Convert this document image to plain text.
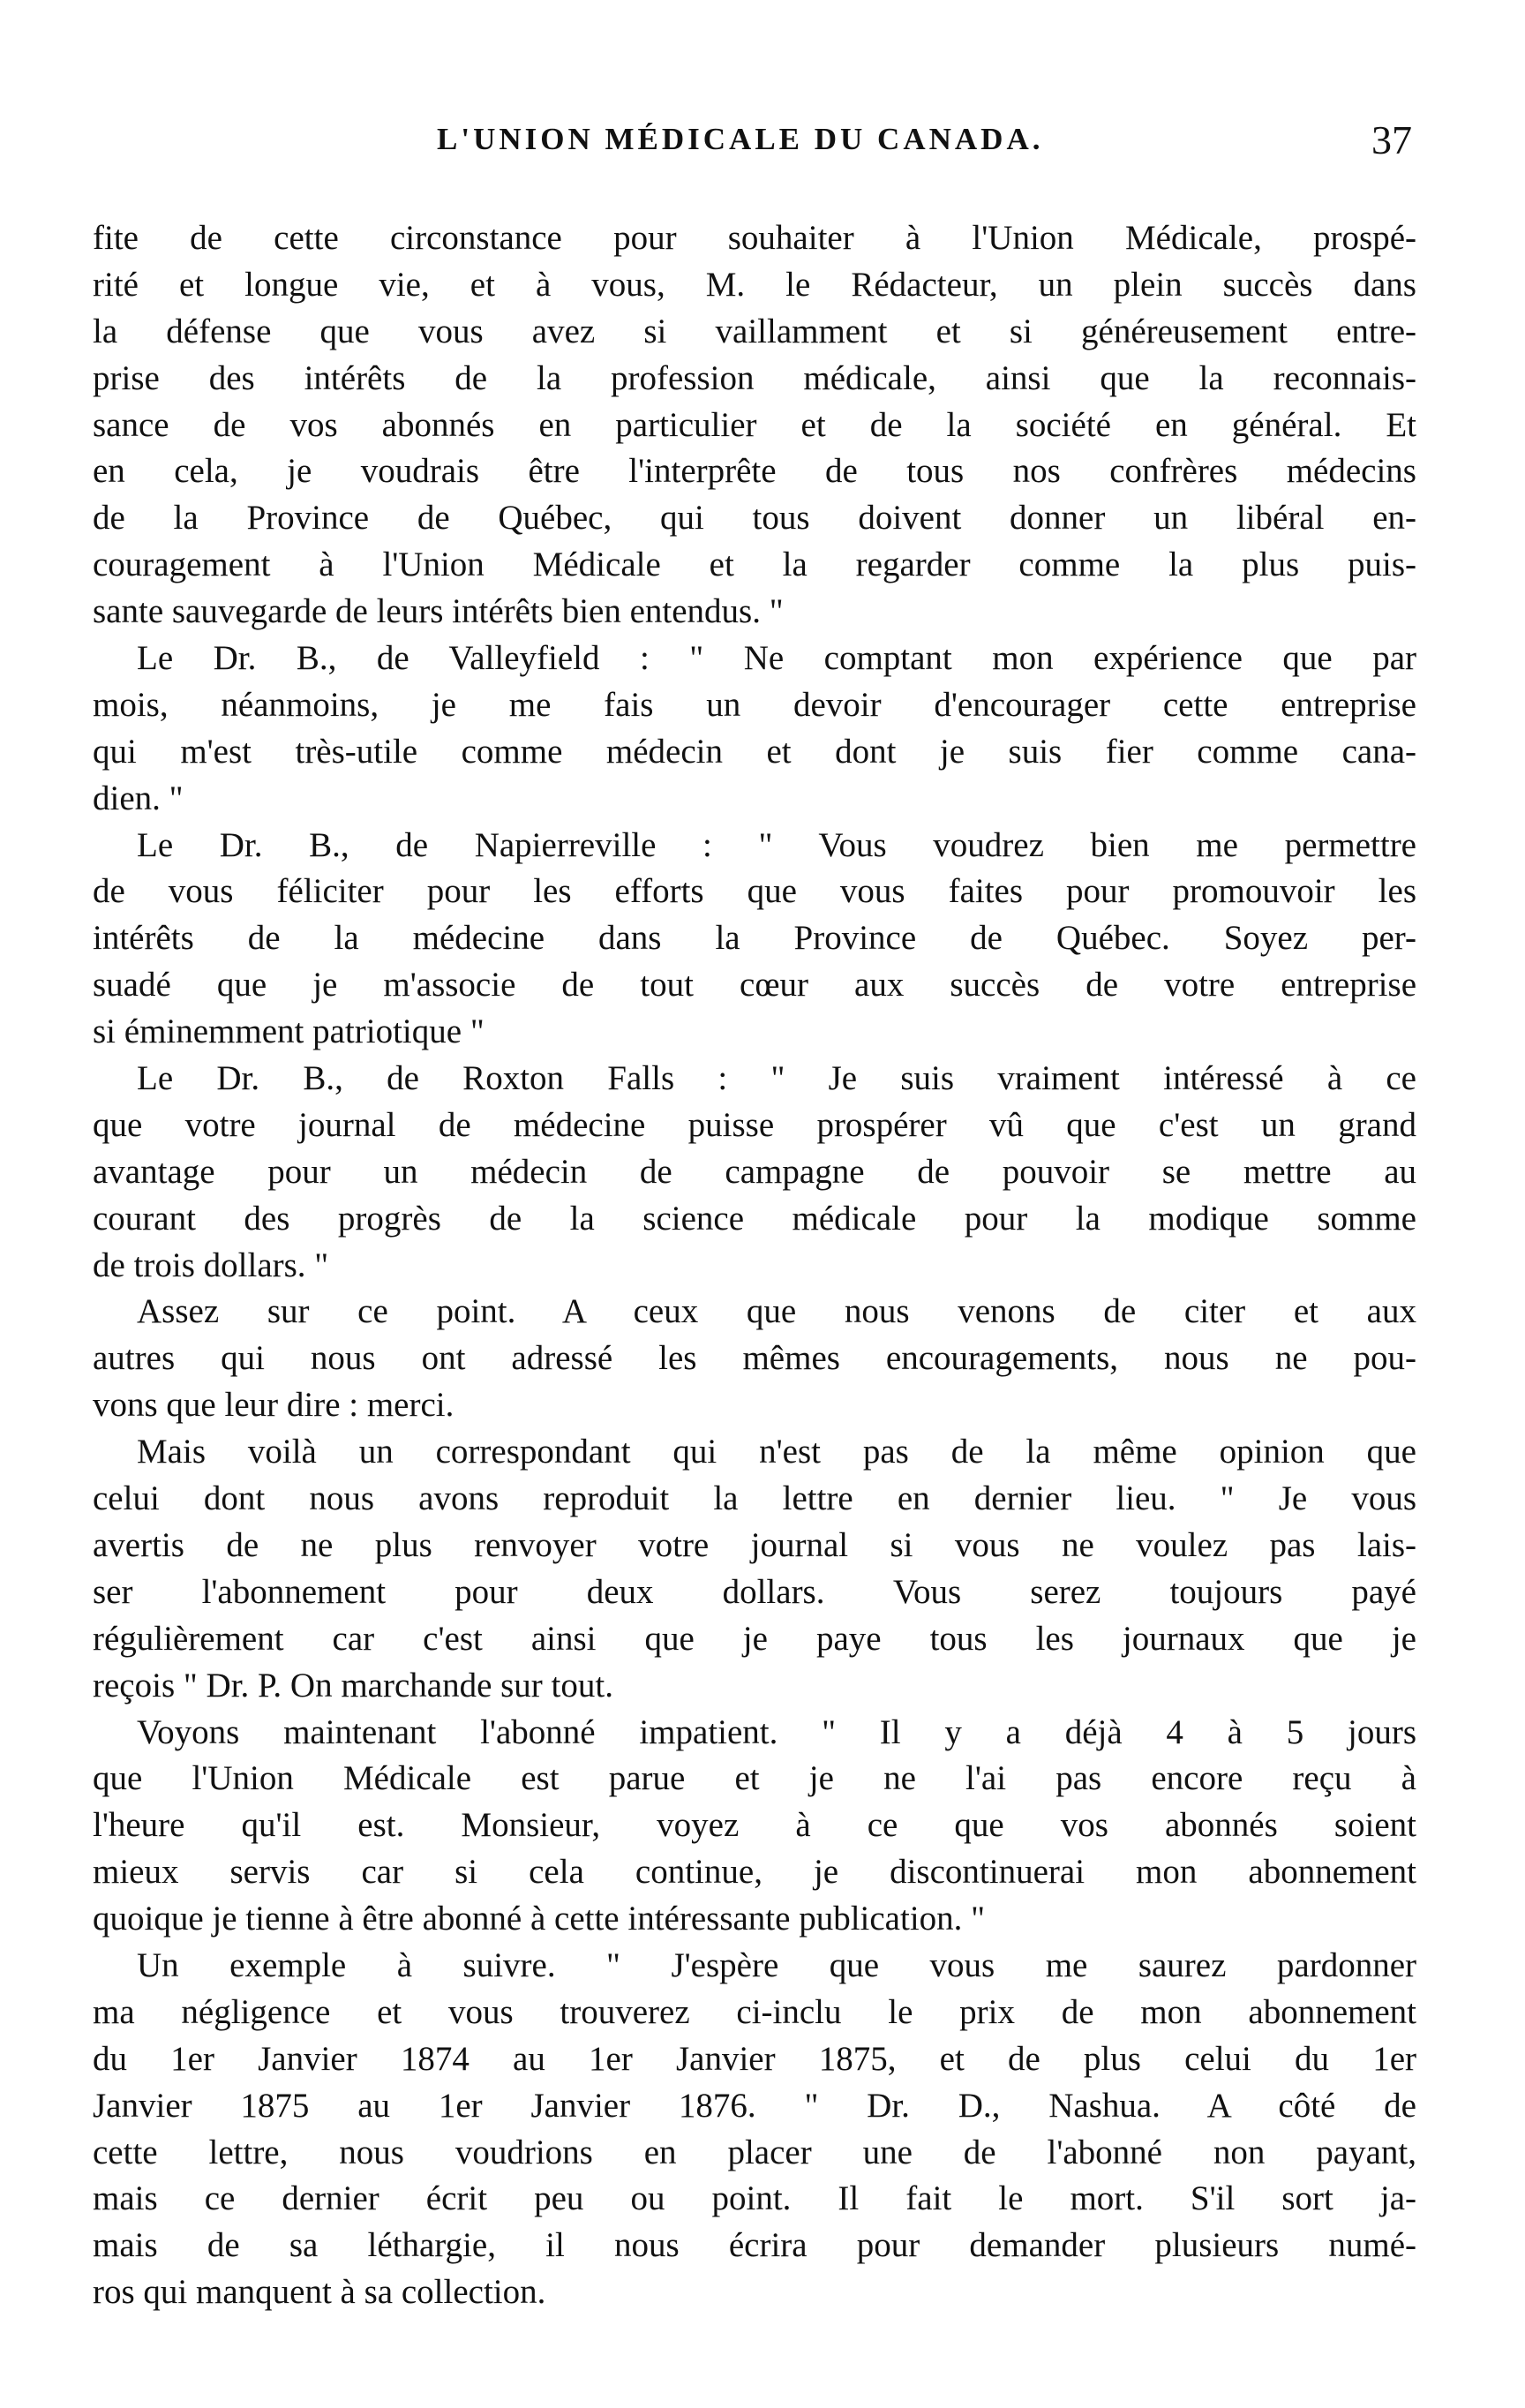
L'UNION MÉDICALE DU CANADA.	37
fite de cette circonstance pour souhaiter à l'Union Médicale, prospé-
rité et longue vie, et à vous, M. le Rédacteur, un plein succès dans
la défense que vous avez si vaillamment et si généreusement entre-
prise des intérêts de la profession médicale, ainsi que la reconnais-
sance de vos abonnés en particulier et de la société en général. Et
en cela, je voudrais être l'interprête de tous nos confrères médecins
de la Province de Québec, qui tous doivent donner un libéral en-
couragement à l'Union Médicale et la regarder comme la plus puis-
sante sauvegarde de leurs intérêts bien entendus. "
Le Dr. B., de Valleyfield : " Ne comptant mon expérience que par
mois, néanmoins, je me fais un devoir d'encourager cette entreprise
qui m'est très-utile comme médecin et dont je suis fier comme cana-
dien. "
Le Dr. B., de Napierreville : " Vous voudrez bien me permettre
de vous féliciter pour les efforts que vous faites pour promouvoir les
intérêts de la médecine dans la Province de Québec. Soyez per-
suadé que je m'associe de tout cœur aux succès de votre entreprise
si éminemment patriotique "
Le Dr. B., de Roxton Falls : " Je suis vraiment intéressé à ce
que votre journal de médecine puisse prospérer vû que c'est un grand
avantage pour un médecin de campagne de pouvoir se mettre au
courant des progrès de la science médicale pour la modique somme
de trois dollars. "
Assez sur ce point. A ceux que nous venons de citer et aux
autres qui nous ont adressé les mêmes encouragements, nous ne pou-
vons que leur dire : merci.
Mais voilà un correspondant qui n'est pas de la même opinion que
celui dont nous avons reproduit la lettre en dernier lieu. " Je vous
avertis de ne plus renvoyer votre journal si vous ne voulez pas lais-
ser l'abonnement pour deux dollars. Vous serez toujours payé
régulièrement car c'est ainsi que je paye tous les journaux que je
reçois " Dr. P. On marchande sur tout.
Voyons maintenant l'abonné impatient. " Il y a déjà 4 à 5 jours
que l'Union Médicale est parue et je ne l'ai pas encore reçu à
l'heure qu'il est. Monsieur, voyez à ce que vos abonnés soient
mieux servis car si cela continue, je discontinuerai mon abonnement
quoique je tienne à être abonné à cette intéressante publication. "
Un exemple à suivre. " J'espère que vous me saurez pardonner
ma négligence et vous trouverez ci-inclu le prix de mon abonnement
du 1er Janvier 1874 au 1er Janvier 1875, et de plus celui du 1er
Janvier 1875 au 1er Janvier 1876. " Dr. D., Nashua. A côté de
cette lettre, nous voudrions en placer une de l'abonné non payant,
mais ce dernier écrit peu ou point. Il fait le mort. S'il sort ja-
mais de sa léthargie, il nous écrira pour demander plusieurs numé-
ros qui manquent à sa collection.
